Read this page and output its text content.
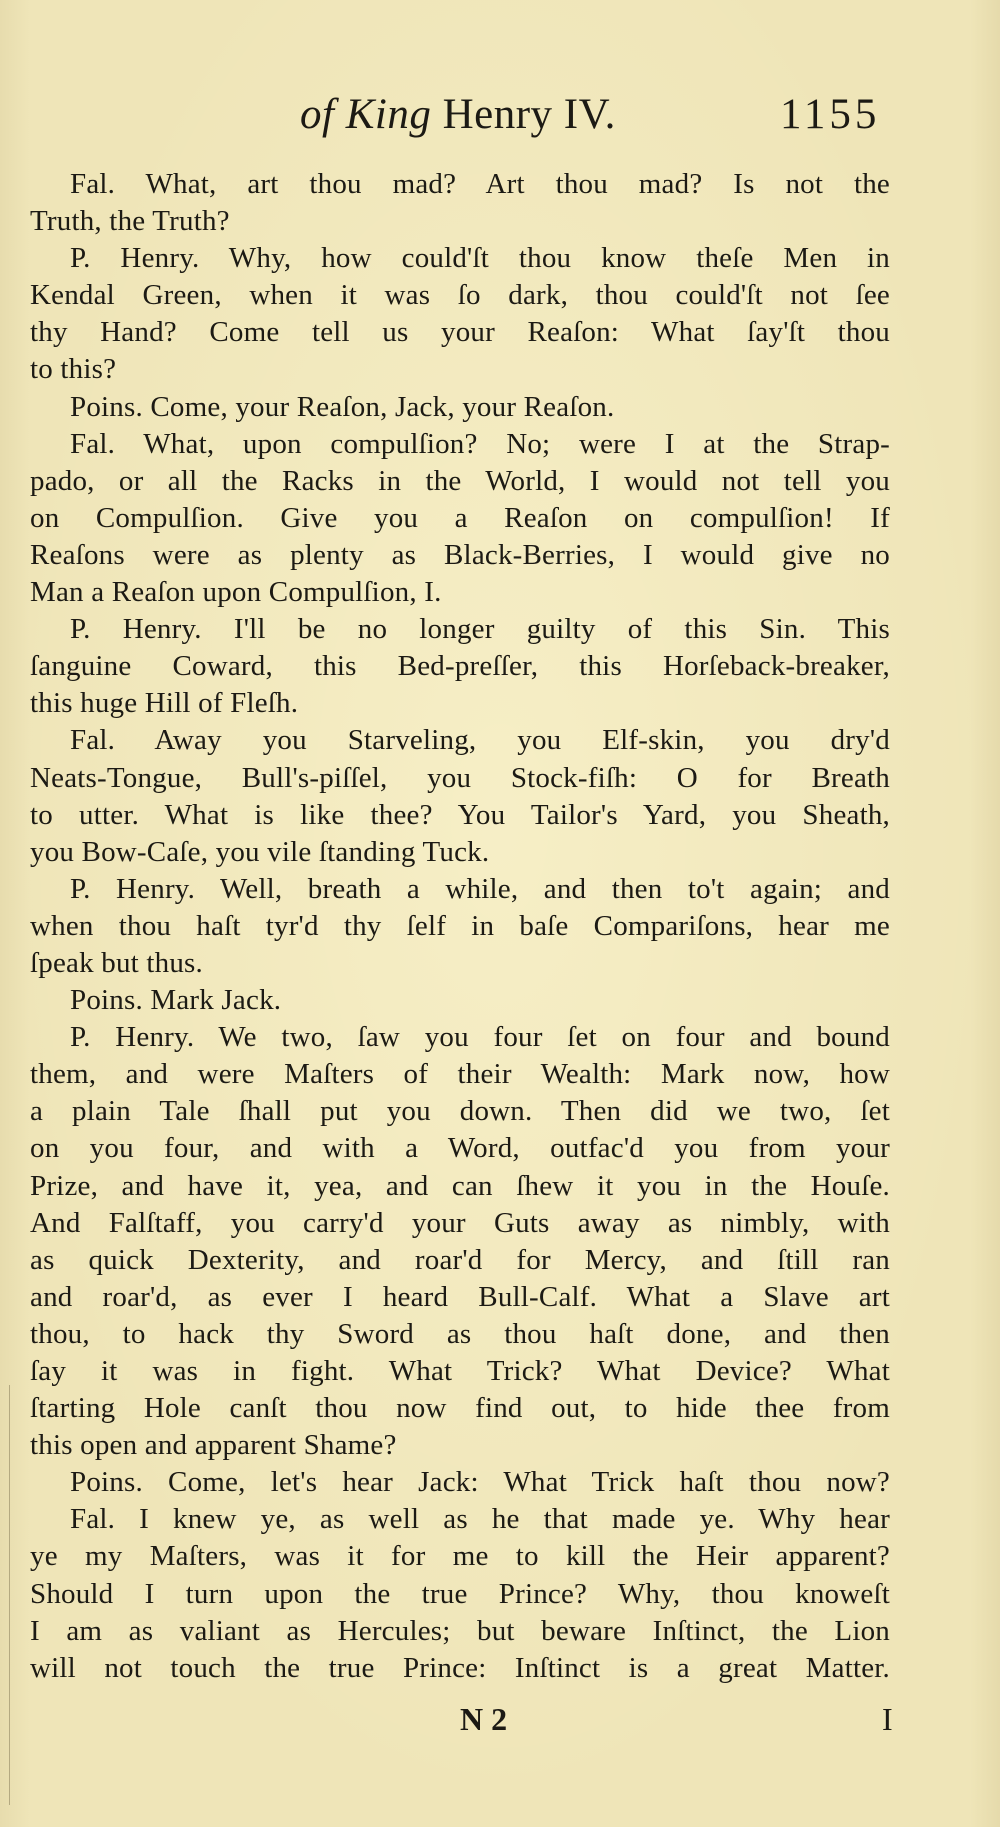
of King Henry IV.	1155
Fal. What, art thou mad? Art thou mad? Is not the
Truth, the Truth?
P. Henry. Why, how could'ſt thou know theſe Men in
Kendal Green, when it was ſo dark, thou could'ſt not ſee
thy Hand? Come tell us your Reaſon: What ſay'ſt thou
to this?
Poins. Come, your Reaſon, Jack, your Reaſon.
Fal. What, upon compulſion? No; were I at the Strap-
pado, or all the Racks in the World, I would not tell you
on Compulſion. Give you a Reaſon on compulſion! If
Reaſons were as plenty as Black-Berries, I would give no
Man a Reaſon upon Compulſion, I.
P. Henry. I'll be no longer guilty of this Sin. This
ſanguine Coward, this Bed-preſſer, this Horſeback-breaker,
this huge Hill of Fleſh.
Fal. Away you Starveling, you Elf-skin, you dry'd
Neats-Tongue, Bull's-piſſel, you Stock-fiſh: O for Breath
to utter. What is like thee? You Tailor's Yard, you Sheath,
you Bow-Caſe, you vile ſtanding Tuck.
P. Henry. Well, breath a while, and then to't again; and
when thou haſt tyr'd thy ſelf in baſe Compariſons, hear me
ſpeak but thus.
Poins. Mark Jack.
P. Henry. We two, ſaw you four ſet on four and bound
them, and were Maſters of their Wealth: Mark now, how
a plain Tale ſhall put you down. Then did we two, ſet
on you four, and with a Word, outfac'd you from your
Prize, and have it, yea, and can ſhew it you in the Houſe.
And Falſtaff, you carry'd your Guts away as nimbly, with
as quick Dexterity, and roar'd for Mercy, and ſtill ran
and roar'd, as ever I heard Bull-Calf. What a Slave art
thou, to hack thy Sword as thou haſt done, and then
ſay it was in fight. What Trick? What Device? What
ſtarting Hole canſt thou now find out, to hide thee from
this open and apparent Shame?
Poins. Come, let's hear Jack: What Trick haſt thou now?
Fal. I knew ye, as well as he that made ye. Why hear
ye my Maſters, was it for me to kill the Heir apparent?
Should I turn upon the true Prince? Why, thou knoweſt
I am as valiant as Hercules; but beware Inſtinct, the Lion
will not touch the true Prince: Inſtinct is a great Matter.
N 2	I
